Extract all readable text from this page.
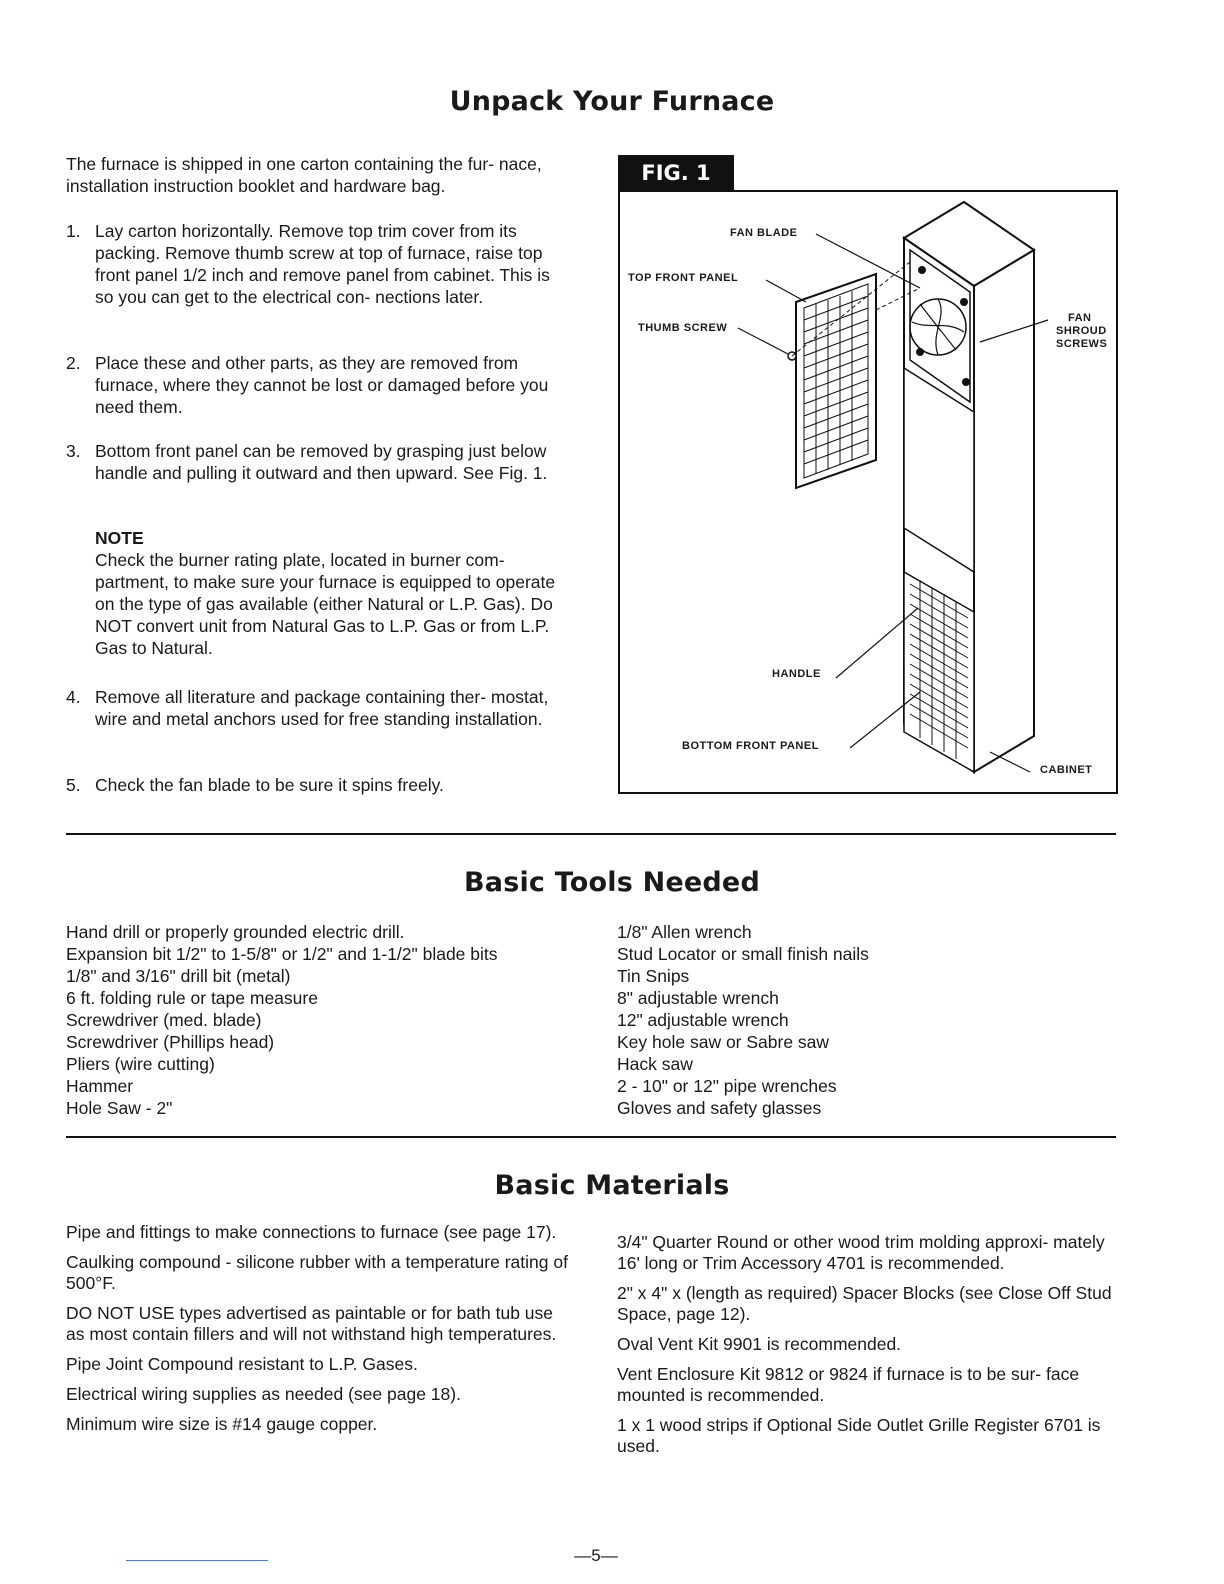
Unpack Your Furnace
The furnace is shipped in one carton containing the fur- nace, installation instruction booklet and hardware bag.
1. Lay carton horizontally. Remove top trim cover from its packing. Remove thumb screw at top of furnace, raise top front panel 1/2 inch and remove panel from cabinet. This is so you can get to the electrical con- nections later.
2. Place these and other parts, as they are removed from furnace, where they cannot be lost or damaged before you need them.
3. Bottom front panel can be removed by grasping just below handle and pulling it outward and then upward. See Fig. 1.
NOTE
Check the burner rating plate, located in burner com- partment, to make sure your furnace is equipped to operate on the type of gas available (either Natural or L.P. Gas). Do NOT convert unit from Natural Gas to L.P. Gas or from L.P. Gas to Natural.
4. Remove all literature and package containing ther- mostat, wire and metal anchors used for free standing installation.
5. Check the fan blade to be sure it spins freely.
FIG. 1
FAN BLADE
TOP FRONT PANEL
THUMB SCREW
FAN
SHROUD
SCREWS
HANDLE
BOTTOM FRONT PANEL
CABINET
Basic Tools Needed
Hand drill or properly grounded electric drill.
Expansion bit 1/2" to 1-5/8" or 1/2" and 1-1/2" blade bits
1/8" and 3/16" drill bit (metal)
6 ft. folding rule or tape measure
Screwdriver (med. blade)
Screwdriver (Phillips head)
Pliers (wire cutting)
Hammer
Hole Saw - 2"
1/8" Allen wrench
Stud Locator or small finish nails
Tin Snips
8" adjustable wrench
12" adjustable wrench
Key hole saw or Sabre saw
Hack saw
2 - 10" or 12" pipe wrenches
Gloves and safety glasses
Basic Materials

Pipe and fittings to make connections to furnace (see page 17).

Caulking compound - silicone rubber with a temperature rating of 500°F.

DO NOT USE types advertised as paintable or for bath tub use as most contain fillers and will not withstand high temperatures.

Pipe Joint Compound resistant to L.P. Gases.

Electrical wiring supplies as needed (see page 18).

Minimum wire size is #14 gauge copper.

3/4" Quarter Round or other wood trim molding approxi- mately 16' long or Trim Accessory 4701 is recommended.

2" x 4" x (length as required) Spacer Blocks (see Close Off Stud Space, page 12).

Oval Vent Kit 9901 is recommended.

Vent Enclosure Kit 9812 or 9824 if furnace is to be sur- face mounted is recommended.

1 x 1 wood strips if Optional Side Outlet Grille Register 6701 is used.

—5—
